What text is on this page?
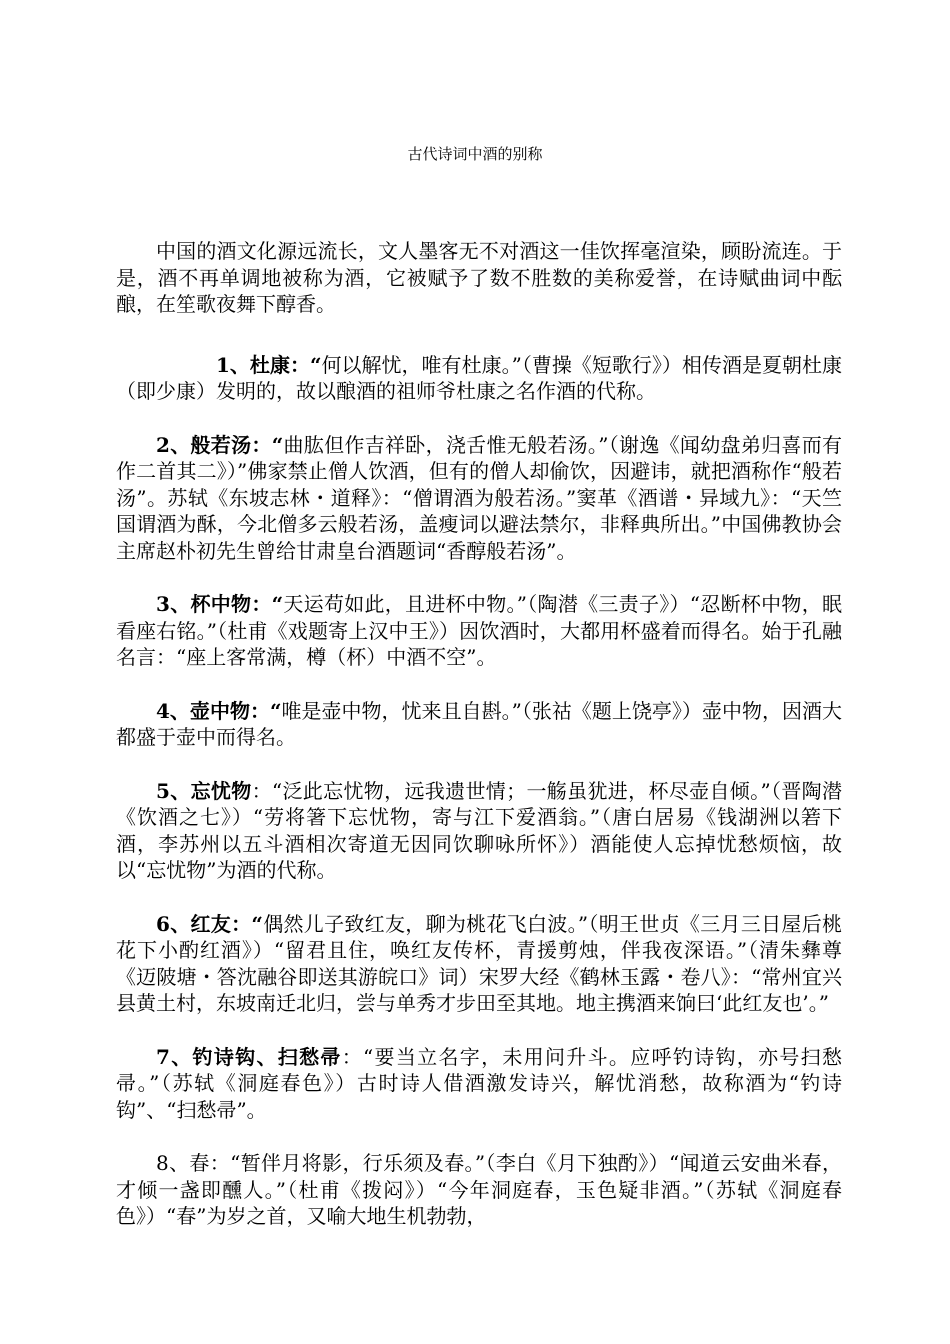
古代诗词中酒的别称

中国的酒文化源远流长，文人墨客无不对酒这一佳饮挥毫渲染，顾盼流连。于是，酒不再单调地被称为酒，它被赋予了数不胜数的美称爱誉，在诗赋曲词中酝酿，在笙歌夜舞下醇香。

1、杜康：“何以解忧，唯有杜康。”（曹操《短歌行》）相传酒是夏朝杜康（即少康）发明的，故以酿酒的祖师爷杜康之名作酒的代称。

2、般若汤：“曲肱但作吉祥卧，浇舌惟无般若汤。”（谢逸《闻幼盘弟归喜而有作二首其二》）”佛家禁止僧人饮酒，但有的僧人却偷饮，因避讳，就把酒称作“般若汤”。苏轼《东坡志林・道释》：“僧谓酒为般若汤。”窦革《酒谱・异域九》：“天竺国谓酒为酥，今北僧多云般若汤，盖瘦词以避法禁尔，非释典所出。”中国佛教协会主席赵朴初先生曾给甘肃皇台酒题词“香醇般若汤”。

3、杯中物：“天运苟如此，且进杯中物。”（陶潜《三责子》）“忍断杯中物，眠看座右铭。”（杜甫《戏题寄上汉中王》）因饮酒时，大都用杯盛着而得名。始于孔融名言：“座上客常满，樽（杯）中酒不空”。

4、壶中物：“唯是壶中物，忧来且自斟。”（张祜《题上饶亭》）壶中物，因酒大都盛于壶中而得名。

5、忘忧物：“泛此忘忧物，远我遗世情；一觞虽犹进，杯尽壶自倾。”（晋陶潜《饮酒之七》）“劳将箸下忘忧物，寄与江下爱酒翁。”（唐白居易《钱湖洲以箬下酒，李苏州以五斗酒相次寄道无因同饮聊咏所怀》）酒能使人忘掉忧愁烦恼，故以“忘忧物”为酒的代称。

6、红友：“偶然儿子致红友，聊为桃花飞白波。”（明王世贞《三月三日屋后桃花下小酌红酒》）“留君且住，唤红友传杯，青援剪烛，伴我夜深语。”（清朱彝尊《迈陂塘・答沈融谷即送其游皖口》词）宋罗大经《鹤林玉露・卷八》：“常州宜兴县黄土村，东坡南迁北归，尝与单秀才步田至其地。地主携酒来饷曰‘此红友也’。”

7、钓诗钩、扫愁帚：“要当立名字，未用问升斗。应呼钓诗钩，亦号扫愁帚。”（苏轼《洞庭春色》）古时诗人借酒激发诗兴，解忧消愁，故称酒为“钓诗钩”、“扫愁帚”。

8、春：“暂伴月将影，行乐须及春。”（李白《月下独酌》）“闻道云安曲米春，才倾一盏即醺人。”（杜甫《拨闷》）“今年洞庭春，玉色疑非酒。”（苏轼《洞庭春色》）“春”为岁之首，又喻大地生机勃勃，
